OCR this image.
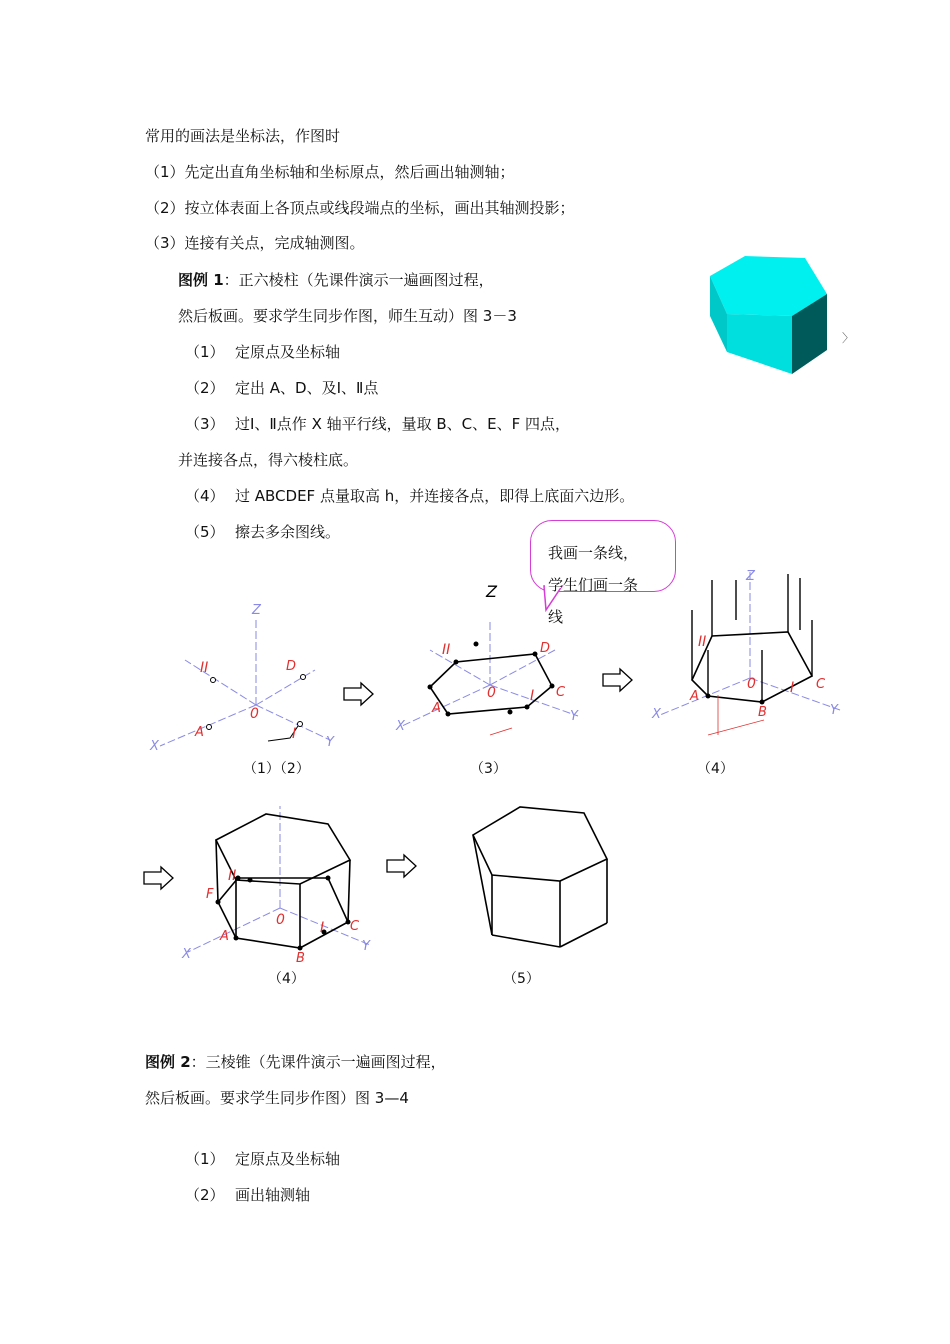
常用的画法是坐标法，作图时
（1）先定出直角坐标轴和坐标原点，然后画出轴测轴；
（2）按立体表面上各顶点或线段端点的坐标，画出其轴测投影；
（3）连接有关点，完成轴测图。
图例 1：正六棱柱（先课件演示一遍画图过程，
然后板画。要求学生同步作图，师生互动）图 3－3
（1） 定原点及坐标轴
（2） 定出 A、D、及Ⅰ、Ⅱ点
（3） 过Ⅰ、Ⅱ点作 X 轴平行线，量取 B、C、E、F 四点，
并连接各点，得六棱柱底。
（4） 过 ABCDEF 点量取高 h，并连接各点，即得上底面六边形。
（5） 擦去多余图线。
〉
我画一条线，
学生们画一条
线
Z
X	Y
0
II
I
A
D
Z
X
Y
0
II
I
A
C
D
Z
X	Y
0
II
I
A
B
C
（1）（2）	（3）	（4）
X
Y
0
II
I
F
A
B
C
（4）	（5）
图例 2：三棱锥（先课件演示一遍画图过程，
然后板画。要求学生同步作图）图 3—4
（1） 定原点及坐标轴
（2） 画出轴测轴
